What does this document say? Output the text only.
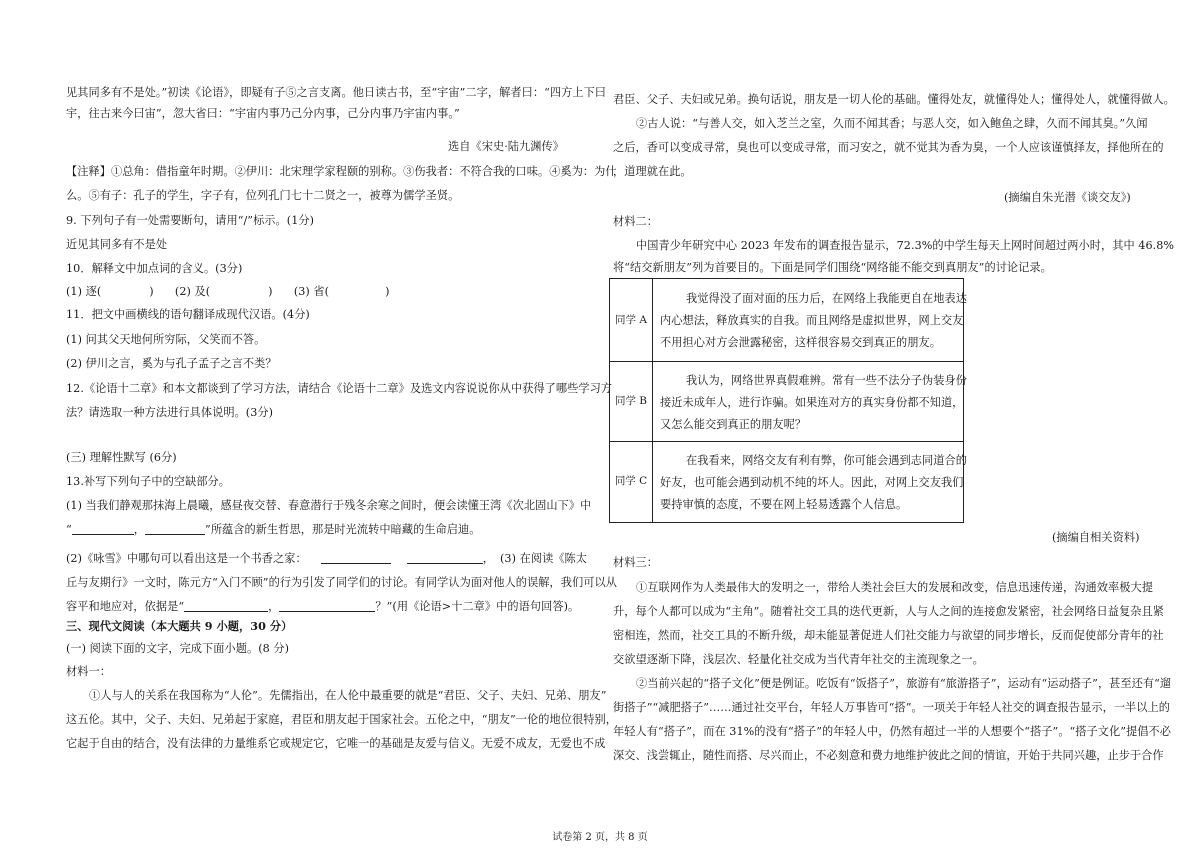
见其同多有不是处。”初读《论语》，即疑有子⑤之言支离。他日读古书，至“宇宙”二字，解者曰：“四方上下曰
宇，往古来今曰宙”，忽大省曰：“宇宙内事乃己分内事，己分内事乃宇宙内事。”
选自《宋史·陆九渊传》
【注释】①总角：借指童年时期。②伊川：北宋理学家程颐的别称。③伤我者：不符合我的口味。④奚为：为什
么。⑤有子：孔子的学生，字子有，位列孔门七十二贤之一，被尊为儒学圣贤。
9. 下列句子有一处需要断句，请用“/”标示。(1分)
近见其同多有不是处
10．解释文中加点词的含义。(3分)
(1) 逐(	) (2) 及(	) (3) 省(	)
11．把文中画横线的语句翻译成现代汉语。(4分)
(1) 问其父天地何所穷际，父笑而不答。
(2) 伊川之言，奚为与孔子孟子之言不类？
12.《论语十二章》和本文都谈到了学习方法，请结合《论语十二章》及选文内容说说你从中获得了哪些学习方
法？请选取一种方法进行具体说明。(3分)
(三) 理解性默写 (6分)
13.补写下列句子中的空缺部分。
(1) 当我们静观那抹海上晨曦，感昼夜交替、春意潜行于残冬余寒之间时，便会读懂王湾《次北固山下》中
“	，	”所蕴含的新生哲思，那是时光流转中暗藏的生命启迪。
(2)《咏雪》中哪句可以看出这是一个书香之家：	， (3) 在阅读《陈太
丘与友期行》一文时，陈元方“入门不顾”的行为引发了同学们的讨论。有同学认为面对他人的误解，我们可以从
容平和地应对，依据是“	，	？”(用《论语>十二章》中的语句回答)。
三、现代文阅读（本大题共 9 小题，30 分）
(一) 阅读下面的文字，完成下面小题。(8 分)
材料一：
①人与人的关系在我国称为“人伦”。先儒指出，在人伦中最重要的就是“君臣、父子、夫妇、兄弟、朋友”
这五伦。其中，父子、夫妇、兄弟起于家庭，君臣和朋友起于国家社会。五伦之中，“朋友”一伦的地位很特别，
它起于自由的结合，没有法律的力量维系它或规定它，它唯一的基础是友爱与信义。无爱不成友，无爱也不成
君臣、父子、夫妇或兄弟。换句话说，朋友是一切人伦的基础。懂得处友，就懂得处人；懂得处人，就懂得做人。
②古人说：“与善人交，如入芝兰之室，久而不闻其香；与恶人交，如入鲍鱼之肆，久而不闻其臭。”久闻
之后，香可以变成寻常，臭也可以变成寻常，而习安之，就不觉其为香为臭，一个人应该谨慎择友，择他所在的
，道理就在此。
(摘编自朱光潜《谈交友》)
材料二：
中国青少年研究中心 2023 年发布的调查报告显示，72.3%的中学生每天上网时间超过两小时，其中 46.8%
将“结交新朋友”列为首要目的。下面是同学们围绕“网络能不能交到真朋友”的讨论记录。
同学 A
我觉得没了面对面的压力后，在网络上我能更自在地表达
内心想法，释放真实的自我。而且网络是虚拟世界，网上交友
不用担心对方会泄露秘密，这样很容易交到真正的朋友。
同学 B
我认为，网络世界真假难辨。常有一些不法分子伪装身份
接近未成年人，进行诈骗。如果连对方的真实身份都不知道，
又怎么能交到真正的朋友呢？
同学 C
在我看来，网络交友有利有弊，你可能会遇到志同道合的
好友，也可能会遇到动机不纯的坏人。因此，对网上交友我们
要持审慎的态度，不要在网上轻易透露个人信息。
(摘编自相关资料)
材料三：
①互联网作为人类最伟大的发明之一，带给人类社会巨大的发展和改变，信息迅速传递，沟通效率极大提
升，每个人都可以成为“主角”。随着社交工具的迭代更新，人与人之间的连接愈发紧密，社会网络日益复杂且紧
密相连，然而，社交工具的不断升级，却未能显著促进人们社交能力与欲望的同步增长，反而促使部分青年的社
交欲望逐渐下降，浅层次、轻量化社交成为当代青年社交的主流现象之一。
②当前兴起的“搭子文化”便是例证。吃饭有“饭搭子”，旅游有“旅游搭子”，运动有“运动搭子”，甚至还有“遛
街搭子”“减肥搭子”……通过社交平台，年轻人万事皆可“搭”。一项关于年轻人社交的调查报告显示，一半以上的
年轻人有“搭子”，而在 31%的没有“搭子”的年轻人中，仍然有超过一半的人想要个“搭子”。“搭子文化”提倡不必
深交、浅尝辄止，随性而搭、尽兴而止，不必刻意和费力地维护彼此之间的情谊，开始于共同兴趣，止步于合作
试卷第 2 页，共 8 页
